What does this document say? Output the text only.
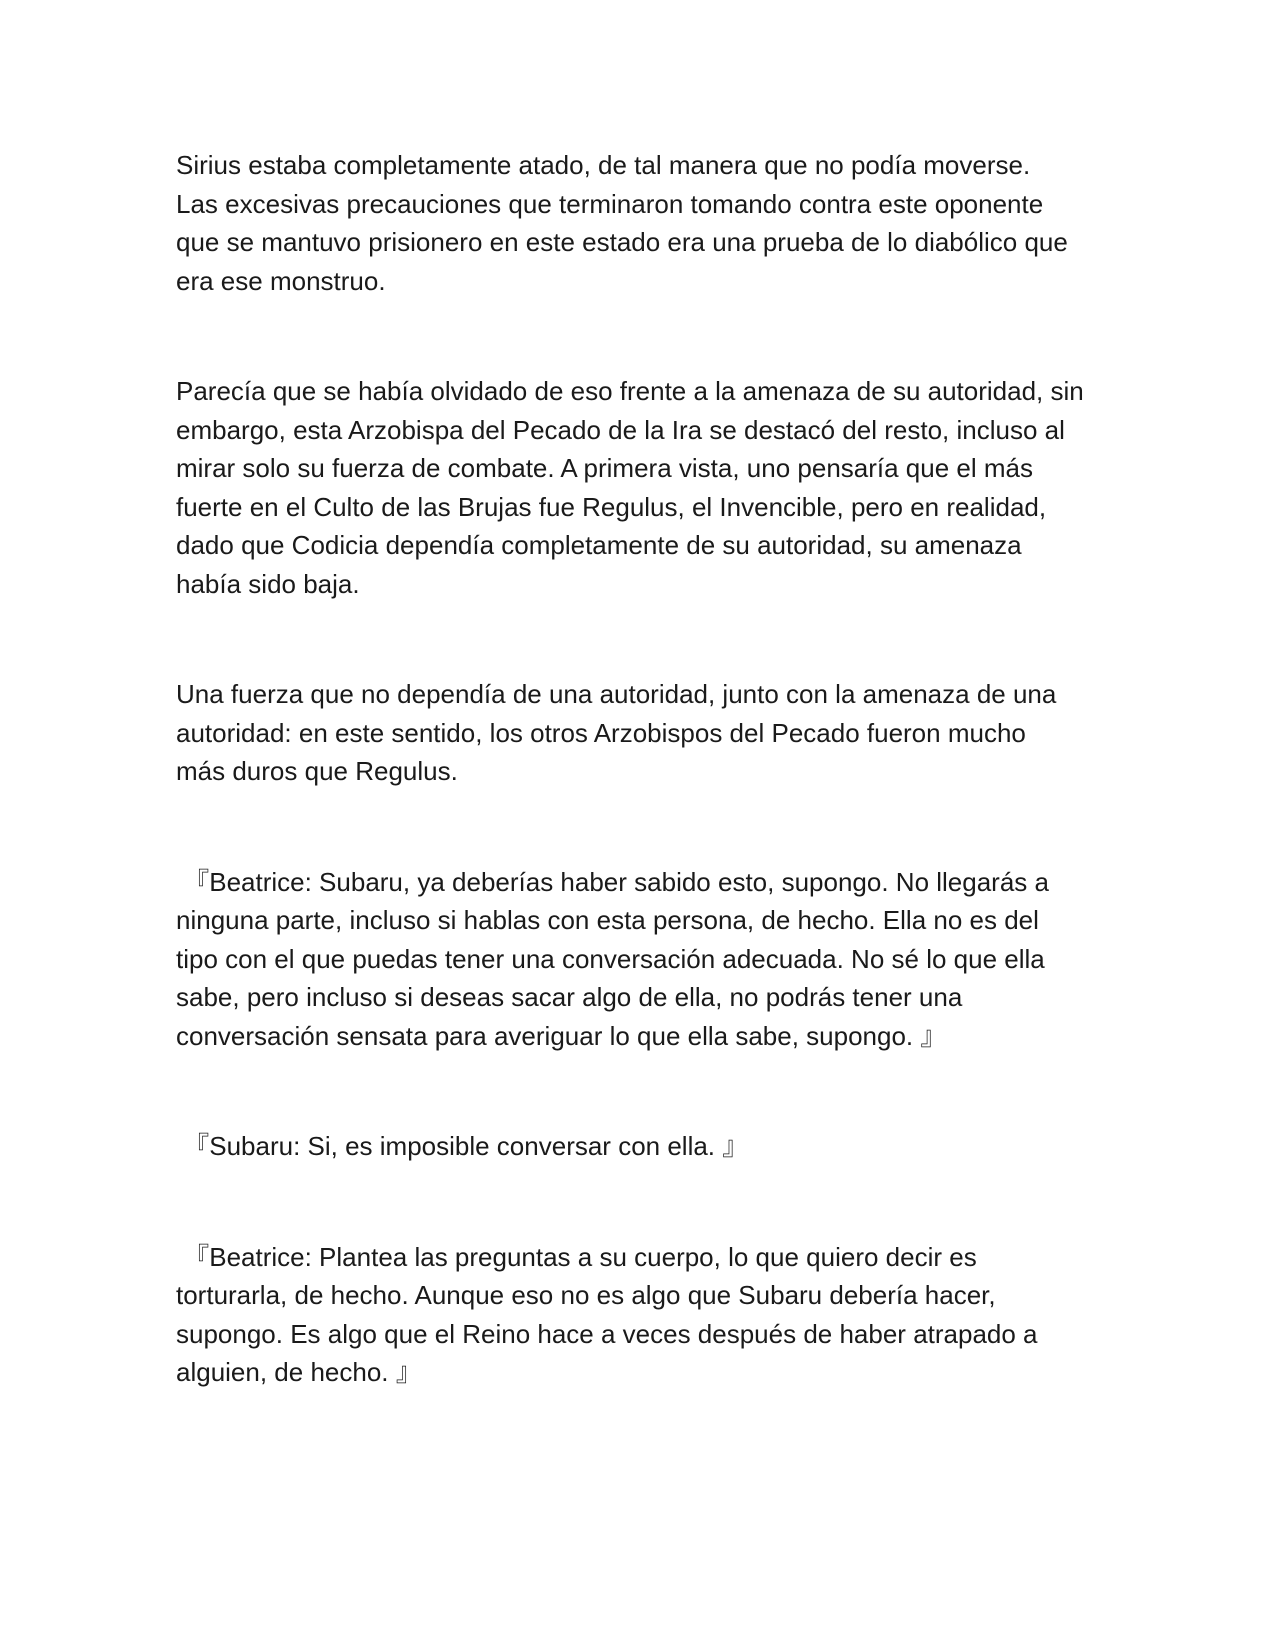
Sirius estaba completamente atado, de tal manera que no podía moverse.
Las excesivas precauciones que terminaron tomando contra este oponente
que se mantuvo prisionero en este estado era una prueba de lo diabólico que
era ese monstruo.

Parecía que se había olvidado de eso frente a la amenaza de su autoridad, sin
embargo, esta Arzobispa del Pecado de la Ira se destacó del resto, incluso al
mirar solo su fuerza de combate. A primera vista, uno pensaría que el más
fuerte en el Culto de las Brujas fue Regulus, el Invencible, pero en realidad,
dado que Codicia dependía completamente de su autoridad, su amenaza
había sido baja.

Una fuerza que no dependía de una autoridad, junto con la amenaza de una
autoridad: en este sentido, los otros Arzobispos del Pecado fueron mucho
más duros que Regulus.

『Beatrice: Subaru, ya deberías haber sabido esto, supongo. No llegarás a
ninguna parte, incluso si hablas con esta persona, de hecho. Ella no es del
tipo con el que puedas tener una conversación adecuada. No sé lo que ella
sabe, pero incluso si deseas sacar algo de ella, no podrás tener una
conversación sensata para averiguar lo que ella sabe, supongo. 』

『Subaru: Si, es imposible conversar con ella. 』

『Beatrice: Plantea las preguntas a su cuerpo, lo que quiero decir es
torturarla, de hecho. Aunque eso no es algo que Subaru debería hacer,
supongo. Es algo que el Reino hace a veces después de haber atrapado a
alguien, de hecho. 』
